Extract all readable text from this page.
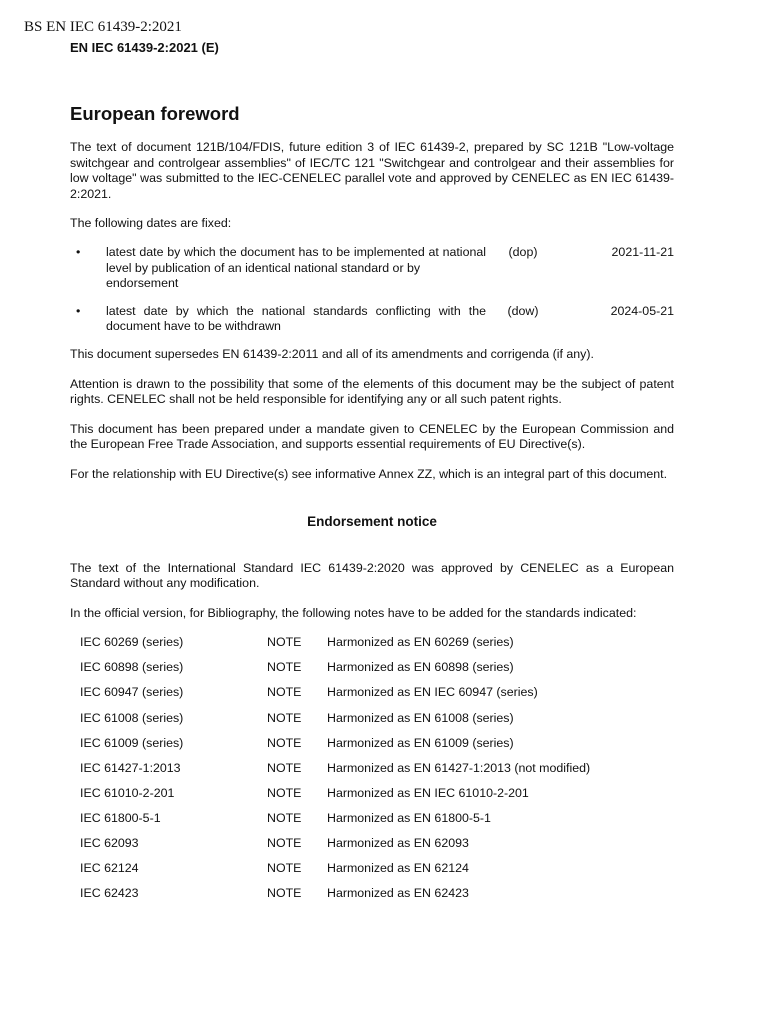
BS EN IEC 61439-2:2021
EN IEC 61439-2:2021 (E)
European foreword

The text of document 121B/104/FDIS, future edition 3 of IEC 61439-2, prepared by SC 121B "Low-voltage switchgear and controlgear assemblies" of IEC/TC 121 "Switchgear and controlgear and their assemblies for low voltage" was submitted to the IEC-CENELEC parallel vote and approved by CENELEC as EN IEC 61439-2:2021.

The following dates are fixed:

•	latest date by which the document has to be implemented at national
level by publication of an identical national standard or by endorsement
(dop)	2021-11-21
•	latest date by which the national standards conflicting with the
document have to be withdrawn
(dow)	2024-05-21

This document supersedes EN 61439-2:2011 and all of its amendments and corrigenda (if any).

Attention is drawn to the possibility that some of the elements of this document may be the subject of patent rights. CENELEC shall not be held responsible for identifying any or all such patent rights.

This document has been prepared under a mandate given to CENELEC by the European Commission and the European Free Trade Association, and supports essential requirements of EU Directive(s).

For the relationship with EU Directive(s) see informative Annex ZZ, which is an integral part of this document.

Endorsement notice

The text of the International Standard IEC 61439-2:2020 was approved by CENELEC as a European Standard without any modification.

In the official version, for Bibliography, the following notes have to be added for the standards indicated:

IEC 60269 (series)	NOTE	Harmonized as EN 60269 (series)
IEC 60898 (series)	NOTE	Harmonized as EN 60898 (series)
IEC 60947 (series)	NOTE	Harmonized as EN IEC 60947 (series)
IEC 61008 (series)	NOTE	Harmonized as EN 61008 (series)
IEC 61009 (series)	NOTE	Harmonized as EN 61009 (series)
IEC 61427-1:2013	NOTE	Harmonized as EN 61427-1:2013 (not modified)
IEC 61010-2-201	NOTE	Harmonized as EN IEC 61010-2-201
IEC 61800-5-1	NOTE	Harmonized as EN 61800-5-1
IEC 62093	NOTE	Harmonized as EN 62093
IEC 62124	NOTE	Harmonized as EN 62124
IEC 62423	NOTE	Harmonized as EN 62423
